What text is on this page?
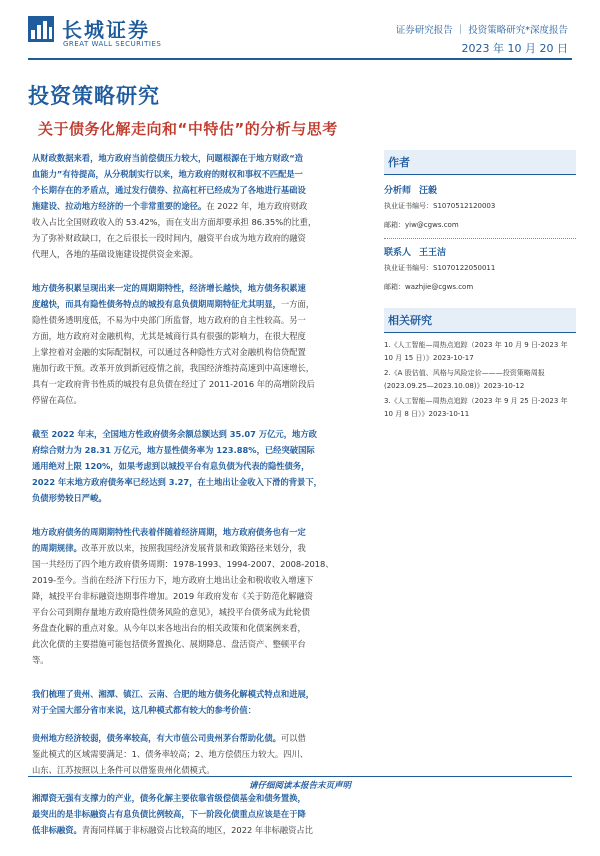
长城证券
GREAT WALL SECURITIES
证券研究报告 ｜ 投资策略研究*深度报告
2023 年 10 月 20 日
投资策略研究
关于债务化解走向和“中特估”的分析与思考
从财政数据来看，地方政府当前偿债压力较大，问题根源在于地方财政“造
血能力”有待提高，从分税制实行以来，地方政府的财权和事权不匹配是一
个长期存在的矛盾点，通过发行债券、拉高杠杆已经成为了各地进行基础设
施建设、拉动地方经济的一个非常重要的途径。在 2022 年，地方政府财政
收入占比全国财政收入的 53.42%，而在支出方面却要承担 86.35%的比重，
为了弥补财政缺口，在之后很长一段时间内，融资平台成为地方政府的融资
代理人，各地的基础设施建设提供资金来源。
地方债务积累呈现出来一定的周期期特性，经济增长越快，地方债务积累速
度越快，而具有隐性债务特点的城投有息负债期周期特征尤其明显，一方面，
隐性债务透明度低，不易为中央部门所监督，地方政府的自主性较高。另一
方面，地方政府对金融机构，尤其是城商行具有很强的影响力，在很大程度
上掌控着对金融的实际配制权，可以通过各种隐性方式对金融机构信贷配置
施加行政干预。改革开放到新冠疫情之前，我国经济维持高速到中高速增长，
具有一定政府背书性质的城投有息负债在经过了 2011-2016 年的高增阶段后
停留在高位。
截至 2022 年末，全国地方性政府债务余额总额达到 35.07 万亿元，地方政
府综合财力为 28.31 万亿元，地方显性债务率为 123.88%，已经突破国际
通用绝对上限 120%，如果考虑到以城投平台有息负债为代表的隐性债务，
2022 年末地方政府债务率已经达到 3.27，在土地出让金收入下滑的背景下，
负债形势较日严峻。
地方政府债务的周期期特性代表着伴随着经济周期，地方政府债务也有一定
的周期规律。改革开放以来，按照我国经济发展背景和政策路径来划分，我
国一共经历了四个地方政府债务周期：1978-1993、1994-2007、2008-2018、
2019-至今。当前在经济下行压力下，地方政府土地出让金和税收收入增速下
降，城投平台非标融资违期事件增加。2019 年政府发布《关于防范化解融资
平台公司到期存量地方政府隐性债务风险的意见》，城投平台债务成为此轮债
务盘查化解的重点对象。从今年以来各地出台的相关政策和化债案例来看，
此次化债的主要措施可能包括债务置换化、展期降息、盘活资产、整顿平台
等。
我们梳理了贵州、湘潭、镇江、云南、合肥的地方债务化解模式特点和进展，
对于全国大部分省市来说，这几种模式都有较大的参考价值：
贵州地方经济较弱，债务率较高，有大市值公司贵州茅台帮助化债。可以借
鉴此模式的区域需要满足：1、债务率较高；2、地方偿债压力较大。四川、
山东、江苏按照以上条件可以借鉴贵州化债模式。
湘潭资无强有支撑力的产业，债务化解主要依靠省级偿债基金和债务置换，
最突出的是非标融资占有息负债比例较高，下一阶段化债重点应该是在于降
低非标融资。青海同样属于非标融资占比较高的地区，2022 年非标融资占比
作者
分析师 汪毅
执业证书编号：S1070512120003
邮箱：yiw@cgws.com
联系人 王王洁
执业证书编号：S1070122050011
邮箱：wazhjie@cgws.com
相关研究
1.《人工智能—周热点追踪（2023 年 10 月 9 日-2023 年 10 月 15 日）》2023-10-17
2.《A 股估值、风格与风险定价———投资策略周报(2023.09.25—2023.10.08)》2023-10-12
3.《人工智能—周热点追踪（2023 年 9 月 25 日-2023 年 10 月 8 日）》2023-10-11
请仔细阅读本报告末页声明
